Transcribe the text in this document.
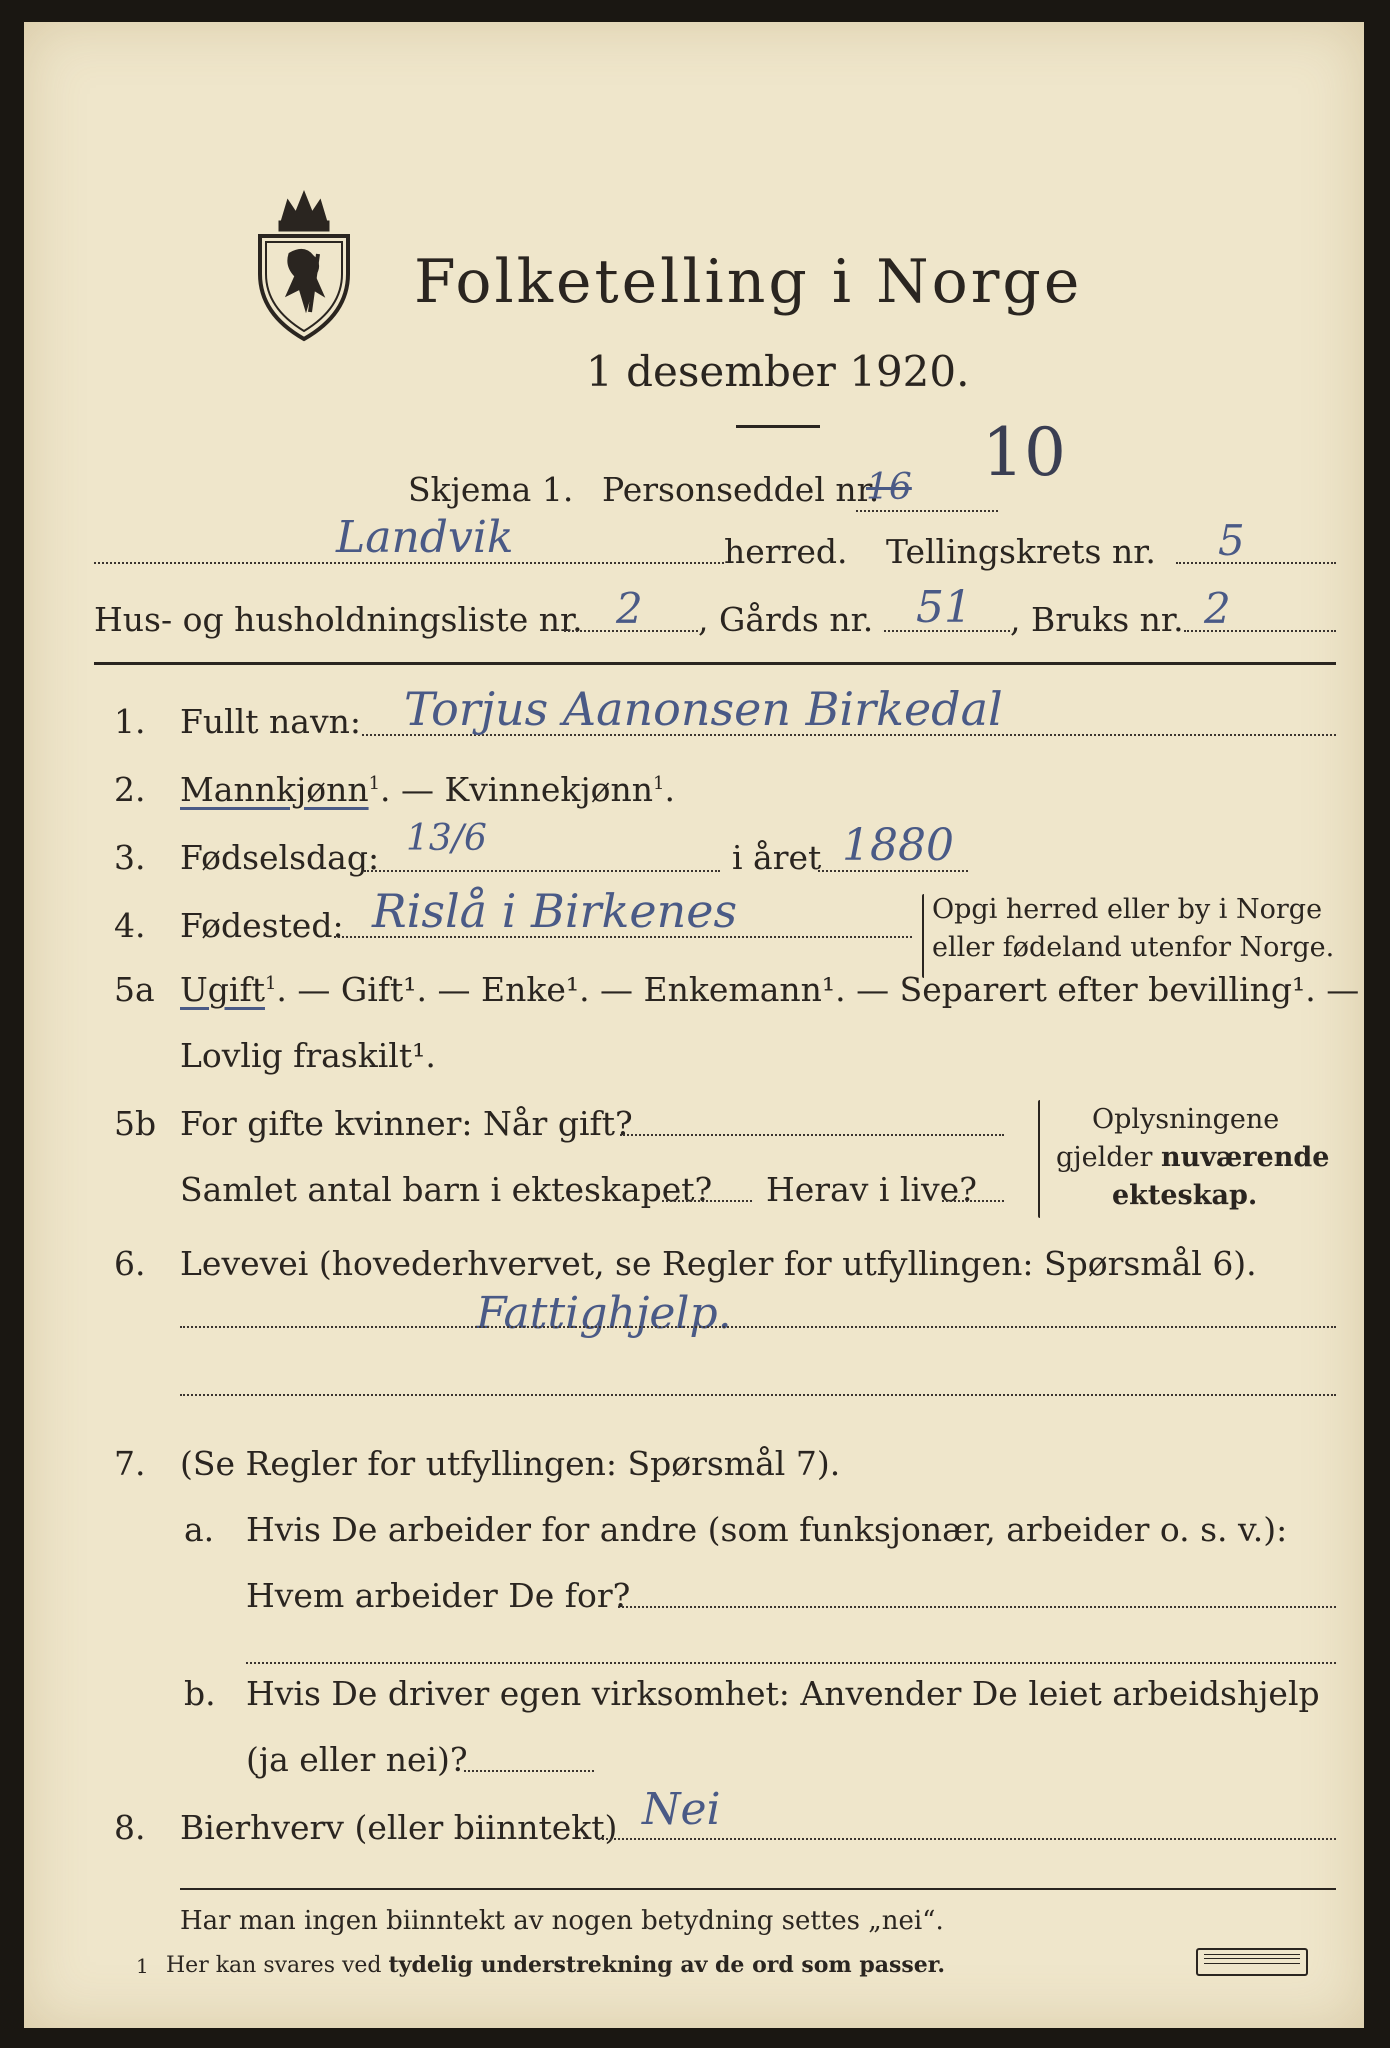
Folketelling i Norge
1 desember 1920.
Skjema 1. Personseddel nr.
16 10
Landvik	herred. Tellingskrets nr. 5
Hus- og husholdningsliste nr. 2 , Gårds nr. 51 , Bruks nr. 2
1. Fullt navn: Torjus Aanonsen Birkedal
2. Mannkjønn$^1$. — Kvinnekjønn$^1$.
3. Fødselsdag: 13/6	i året 1880
4. Fødested: Rislå i Birkenes	Opgi herred eller by i Norge
eller fødeland utenfor Norge.
5a Ugift$^1$. — Gift¹. — Enke¹. — Enkemann¹. — Separert efter bevilling¹. —
Lovlig fraskilt¹.
5b For gifte kvinner: Når gift?
Samlet antal barn i ekteskapet? Herav i live?
Oplysningene
gjelder nuværende
ekteskap.
6. Levevei (hovederhvervet, se Regler for utfyllingen: Spørsmål 6).
Fattighjelp.
7. (Se Regler for utfyllingen: Spørsmål 7).
a. Hvis De arbeider for andre (som funksjonær, arbeider o. s. v.):
Hvem arbeider De for?
b. Hvis De driver egen virksomhet: Anvender De leiet arbeidshjelp
(ja eller nei)?
8. Bierhverv (eller biinntekt) Nei
Har man ingen biinntekt av nogen betydning settes „nei“.
1 Her kan svares ved tydelig understrekning av de ord som passer.
